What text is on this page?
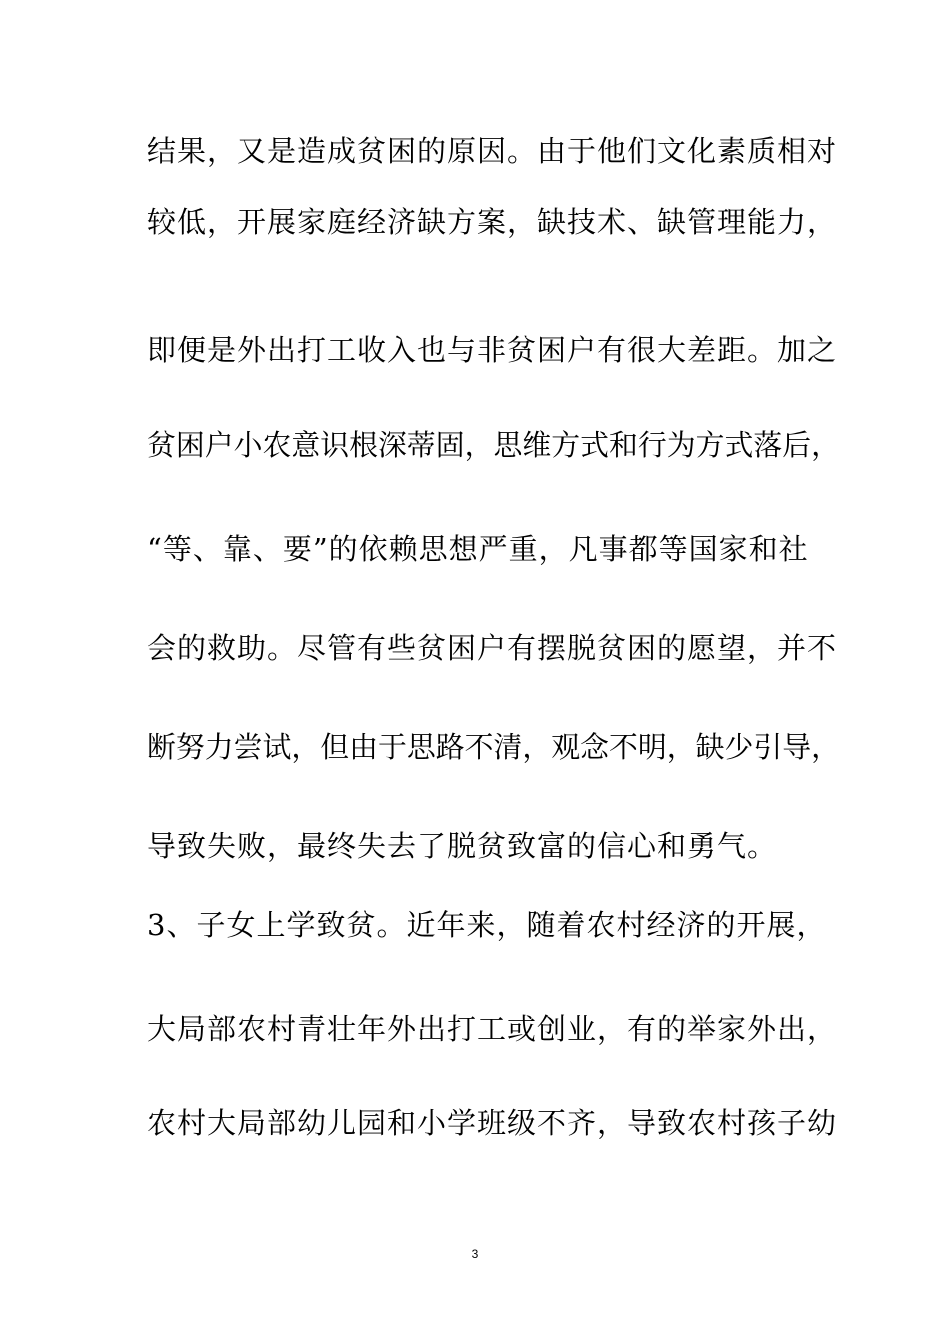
结果，又是造成贫困的原因。由于他们文化素质相对
较低，开展家庭经济缺方案，缺技术、缺管理能力，
即便是外出打工收入也与非贫困户有很大差距。加之
贫困户小农意识根深蒂固，思维方式和行为方式落后，
“等、靠、要”的依赖思想严重，凡事都等国家和社
会的救助。尽管有些贫困户有摆脱贫困的愿望，并不
断努力尝试，但由于思路不清，观念不明，缺少引导，
导致失败，最终失去了脱贫致富的信心和勇气。
3、子女上学致贫。近年来，随着农村经济的开展，
大局部农村青壮年外出打工或创业，有的举家外出，
农村大局部幼儿园和小学班级不齐，导致农村孩子幼
3
